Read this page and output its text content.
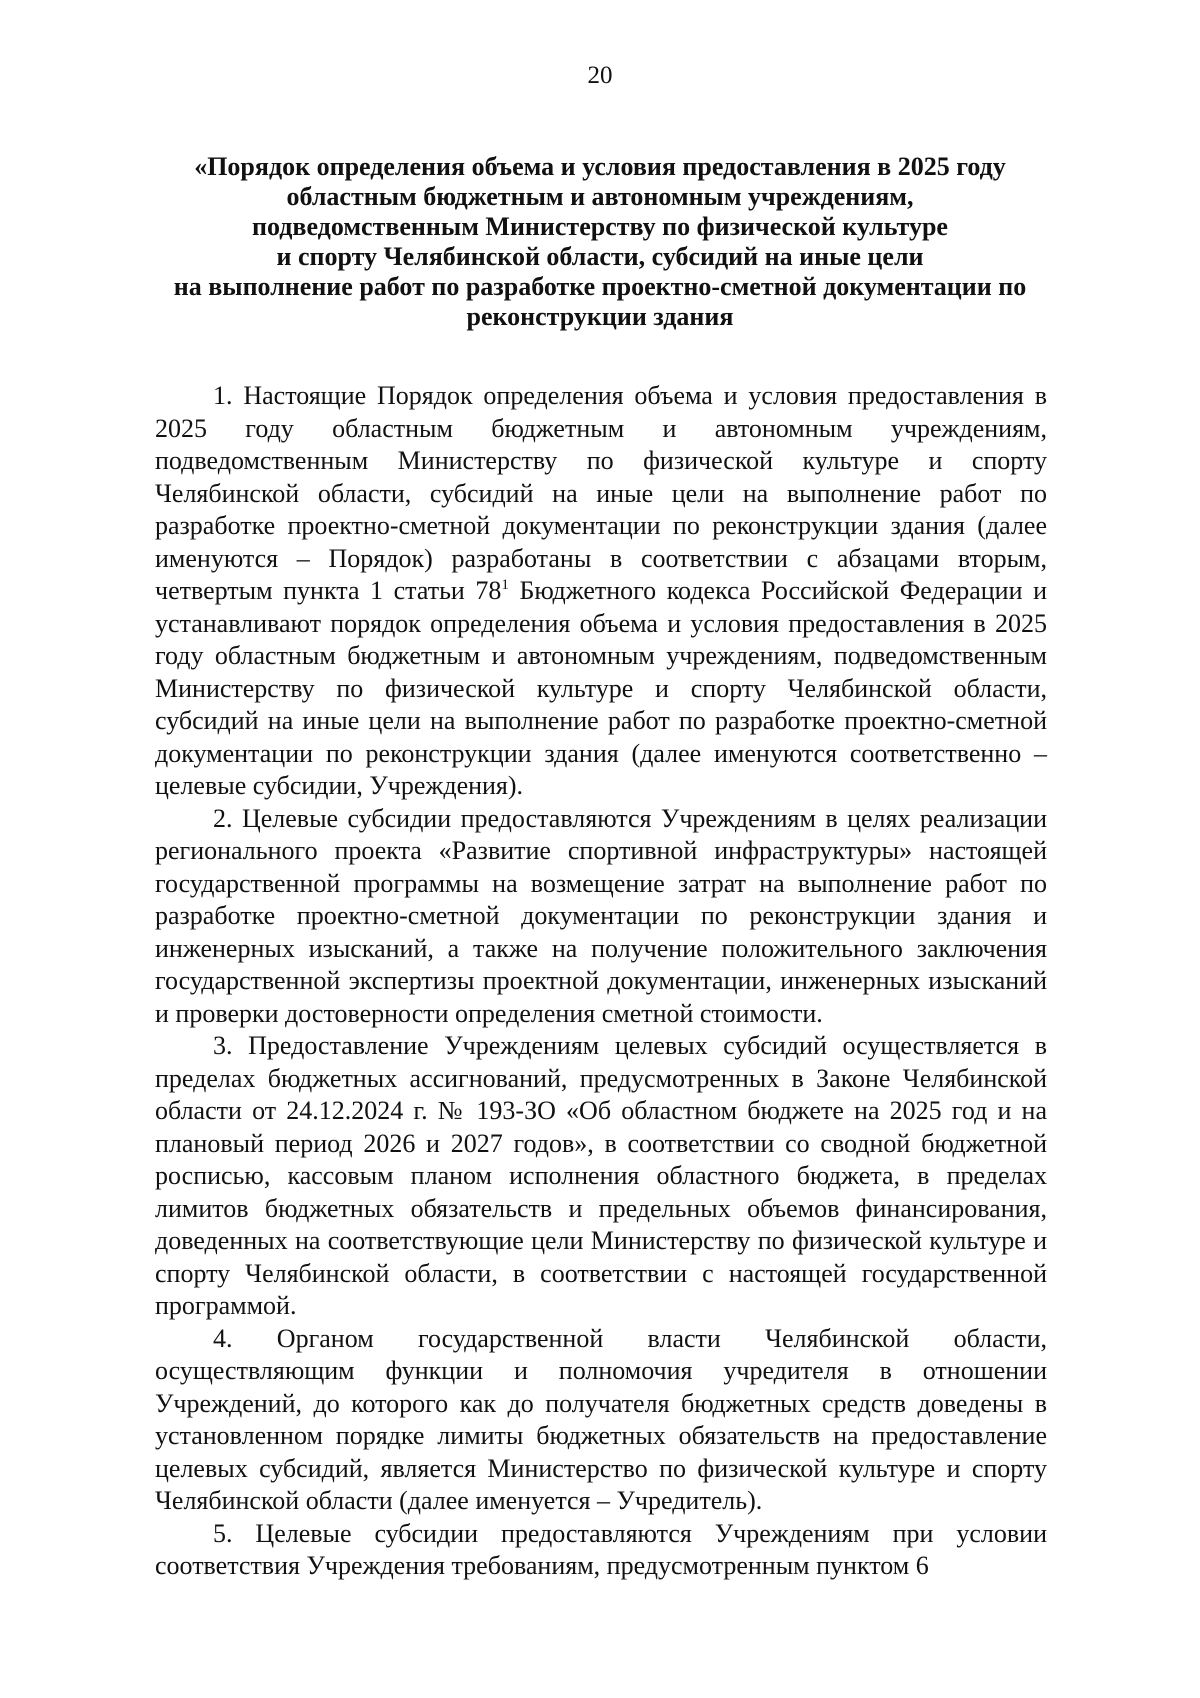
20
«Порядок определения объема и условия предоставления в 2025 году
областным бюджетным и автономным учреждениям,
подведомственным Министерству по физической культуре
и спорту Челябинской области, субсидий на иные цели
на выполнение работ по разработке проектно-сметной документации по
реконструкции здания

1. Настоящие Порядок определения объема и условия предоставления в 2025 году областным бюджетным и автономным учреждениям, подведомственным Министерству по физической культуре и спорту Челябинской области, субсидий на иные цели на выполнение работ по разработке проектно-сметной документации по реконструкции здания (далее именуются – Порядок) разработаны в соответствии с абзацами вторым, четвертым пункта 1 статьи $78^1$ Бюджетного кодекса Российской Федерации и устанавливают порядок определения объема и условия предоставления в 2025 году областным бюджетным и автономным учреждениям, подведомственным Министерству по физической культуре и спорту Челябинской области, субсидий на иные цели на выполнение работ по разработке проектно-сметной документации по реконструкции здания (далее именуются соответственно – целевые субсидии, Учреждения).

2. Целевые субсидии предоставляются Учреждениям в целях реализации регионального проекта «Развитие спортивной инфраструктуры» настоящей государственной программы на возмещение затрат на выполнение работ по разработке проектно-сметной документации по реконструкции здания и инженерных изысканий, а также на получение положительного заключения государственной экспертизы проектной документации, инженерных изысканий и проверки достоверности определения сметной стоимости.

3. Предоставление Учреждениям целевых субсидий осуществляется в пределах бюджетных ассигнований, предусмотренных в Законе Челябинской области от 24.12.2024 г. № 193-ЗО «Об областном бюджете на 2025 год и на плановый период 2026 и 2027 годов», в соответствии со сводной бюджетной росписью, кассовым планом исполнения областного бюджета, в пределах лимитов бюджетных обязательств и предельных объемов финансирования, доведенных на соответствующие цели Министерству по физической культуре и спорту Челябинской области, в соответствии с настоящей государственной программой.

4. Органом государственной власти Челябинской области, осуществляющим функции и полномочия учредителя в отношении Учреждений, до которого как до получателя бюджетных средств доведены в установленном порядке лимиты бюджетных обязательств на предоставление целевых субсидий, является Министерство по физической культуре и спорту Челябинской области (далее именуется – Учредитель).

5. Целевые субсидии предоставляются Учреждениям при условии соответствия Учреждения требованиям, предусмотренным пунктом 6
